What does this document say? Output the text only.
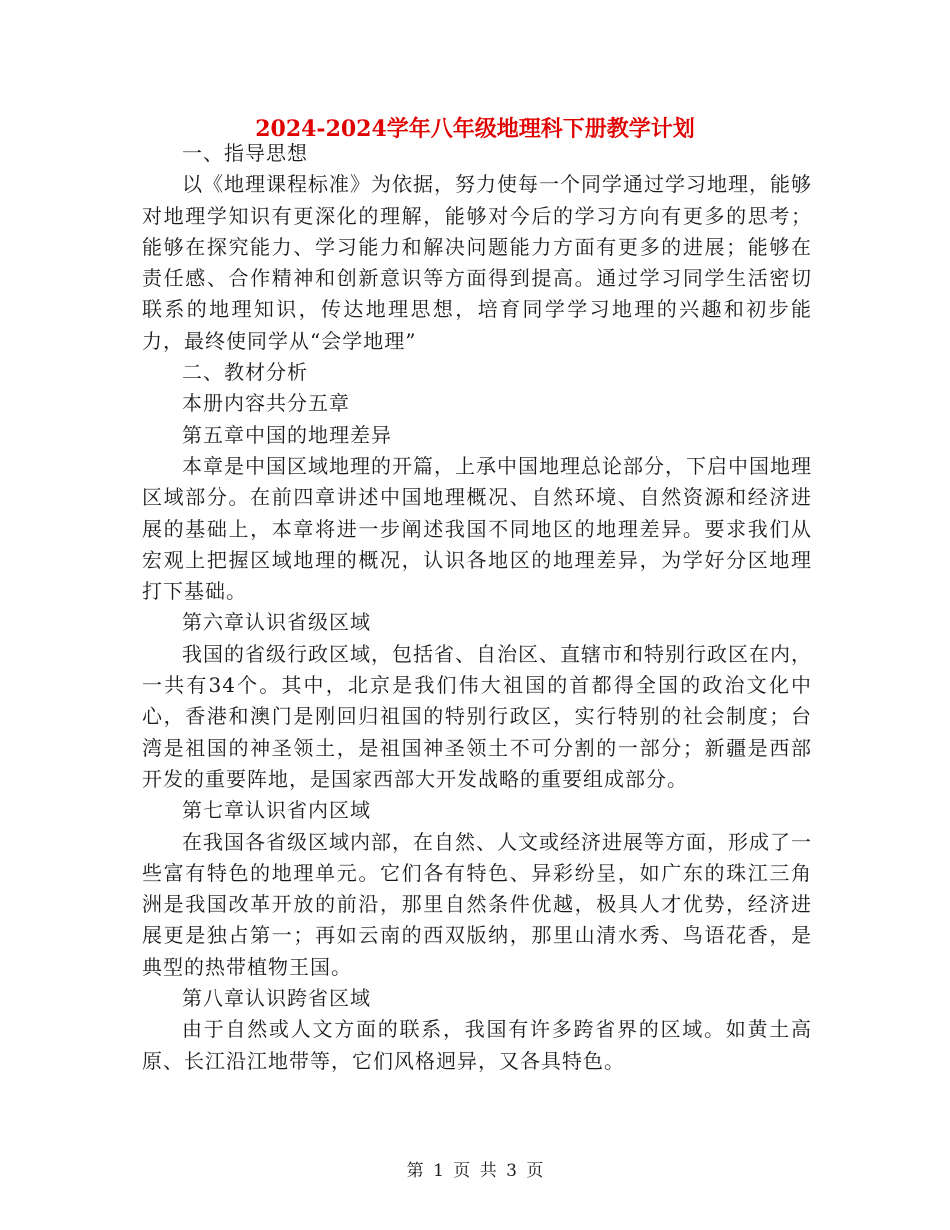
2024-2024学年八年级地理科下册教学计划

一、指导思想

以《地理课程标准》为依据，努力使每一个同学通过学习地理，能够对地理学知识有更深化的理解，能够对今后的学习方向有更多的思考；能够在探究能力、学习能力和解决问题能力方面有更多的进展；能够在责任感、合作精神和创新意识等方面得到提高。通过学习同学生活密切联系的地理知识，传达地理思想，培育同学学习地理的兴趣和初步能力，最终使同学从“会学地理”

二、教材分析

本册内容共分五章

第五章中国的地理差异

本章是中国区域地理的开篇，上承中国地理总论部分，下启中国地理区域部分。在前四章讲述中国地理概况、自然环境、自然资源和经济进展的基础上，本章将进一步阐述我国不同地区的地理差异。要求我们从宏观上把握区域地理的概况，认识各地区的地理差异，为学好分区地理打下基础。

第六章认识省级区域

我国的省级行政区域，包括省、自治区、直辖市和特别行政区在内，一共有34个。其中，北京是我们伟大祖国的首都得全国的政治文化中心，香港和澳门是刚回归祖国的特别行政区，实行特别的社会制度；台湾是祖国的神圣领土，是祖国神圣领土不可分割的一部分；新疆是西部开发的重要阵地，是国家西部大开发战略的重要组成部分。

第七章认识省内区域

在我国各省级区域内部，在自然、人文或经济进展等方面，形成了一些富有特色的地理单元。它们各有特色、异彩纷呈，如广东的珠江三角洲是我国改革开放的前沿，那里自然条件优越，极具人才优势，经济进展更是独占第一；再如云南的西双版纳，那里山清水秀、鸟语花香，是典型的热带植物王国。

第八章认识跨省区域

由于自然或人文方面的联系，我国有许多跨省界的区域。如黄土高原、长江沿江地带等，它们风格迥异，又各具特色。

第 1 页 共 3 页
